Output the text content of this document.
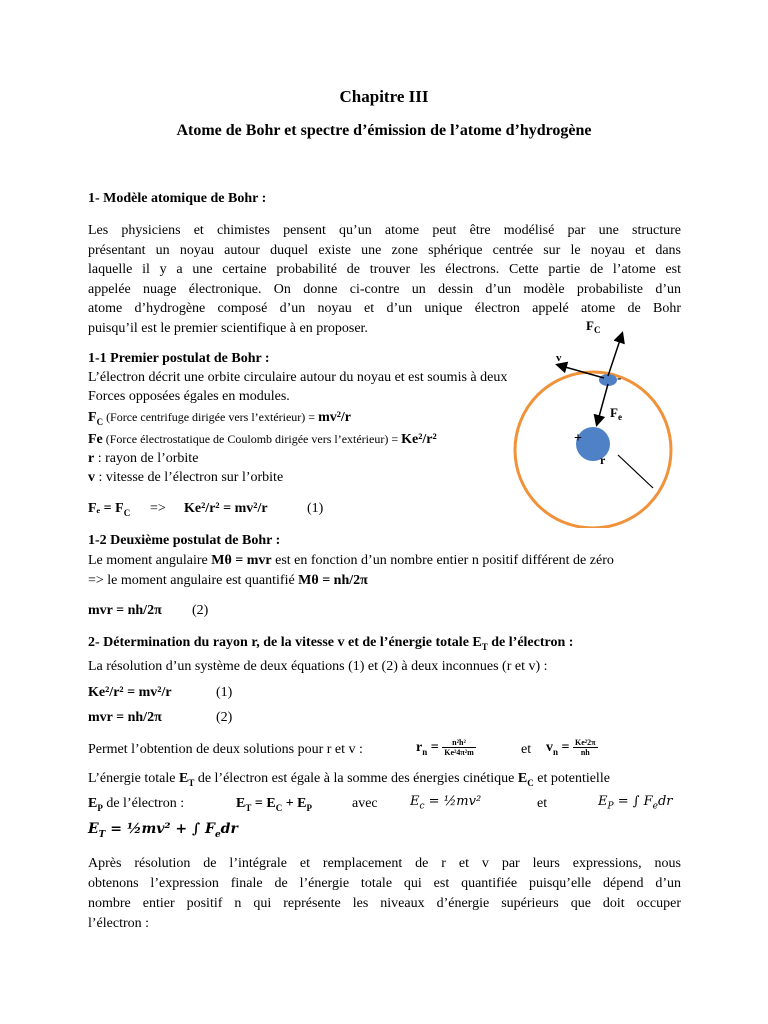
Chapitre III
Atome de Bohr et spectre d’émission de l’atome d’hydrogène
1- Modèle atomique de Bohr :
Les physiciens et chimistes pensent qu’un atome peut être modélisé par une structure
présentant un noyau autour duquel existe une zone sphérique centrée sur le noyau et dans
laquelle il y a une certaine probabilité de trouver les électrons. Cette partie de l’atome est
appelée nuage électronique. On donne ci-contre un dessin d’un modèle probabiliste d’un
atome d’hydrogène composé d’un noyau et d’un unique électron appelé atome de Bohr
puisqu’il est le premier scientifique à en proposer.
1-1 Premier postulat de Bohr :
L’électron décrit une orbite circulaire autour du noyau et est soumis à deux
Forces opposées égales en modules.
$F_C$ (Force centrifuge dirigée vers l’extérieur) = mv²/r
Fe (Force électrostatique de Coulomb dirigée vers l’extérieur) = Ke²/r²
r : rayon de l’orbite
v : vitesse de l’électron sur l’orbite
$F_e = F_C => Ke^2/r^2 = mv^2/r$	(1)
1-2 Deuxième postulat de Bohr :
Le moment angulaire Mθ = mvr est en fonction d’un nombre entier n positif différent de zéro
=> le moment angulaire est quantifié Mθ = nh/2π
mvr = nh/2π (2)
2- Détermination du rayon r, de la vitesse v et de l’énergie totale $E_T$ de l’électron :
La résolution d’un système de deux équations (1) et (2) à deux inconnues (r et v) :
Ke²/r² = mv²/r	(1)
mvr = nh/2π	(2)
Permet l’obtention de deux solutions pour r et v :	$r_n = \frac{\text{n²h²}}{\text{Ke²4π²m}}$	et $v_n = \frac{\text{Ke²2π}}{nh}$
L’énergie totale $E_T$ de l’électron est égale à la somme des énergies cinétique $E_C$ et potentielle
$E_P$ de l’électron :	$E_T = E_C + E_P$	avec $E_c$ = ½mv²	et	$E_P$ = ∫ $F_edr$
$E_T$ = ½mv² + ∫ $F_edr$
Après résolution de l’intégrale et remplacement de r et v par leurs expressions, nous
obtenons l’expression finale de l’énergie totale qui est quantifiée puisqu’elle dépend d’un
nombre entier positif n qui représente les niveaux d’énergie supérieurs que doit occuper
l’électron :
$F_C$
v
$F_e$
+
-
r
